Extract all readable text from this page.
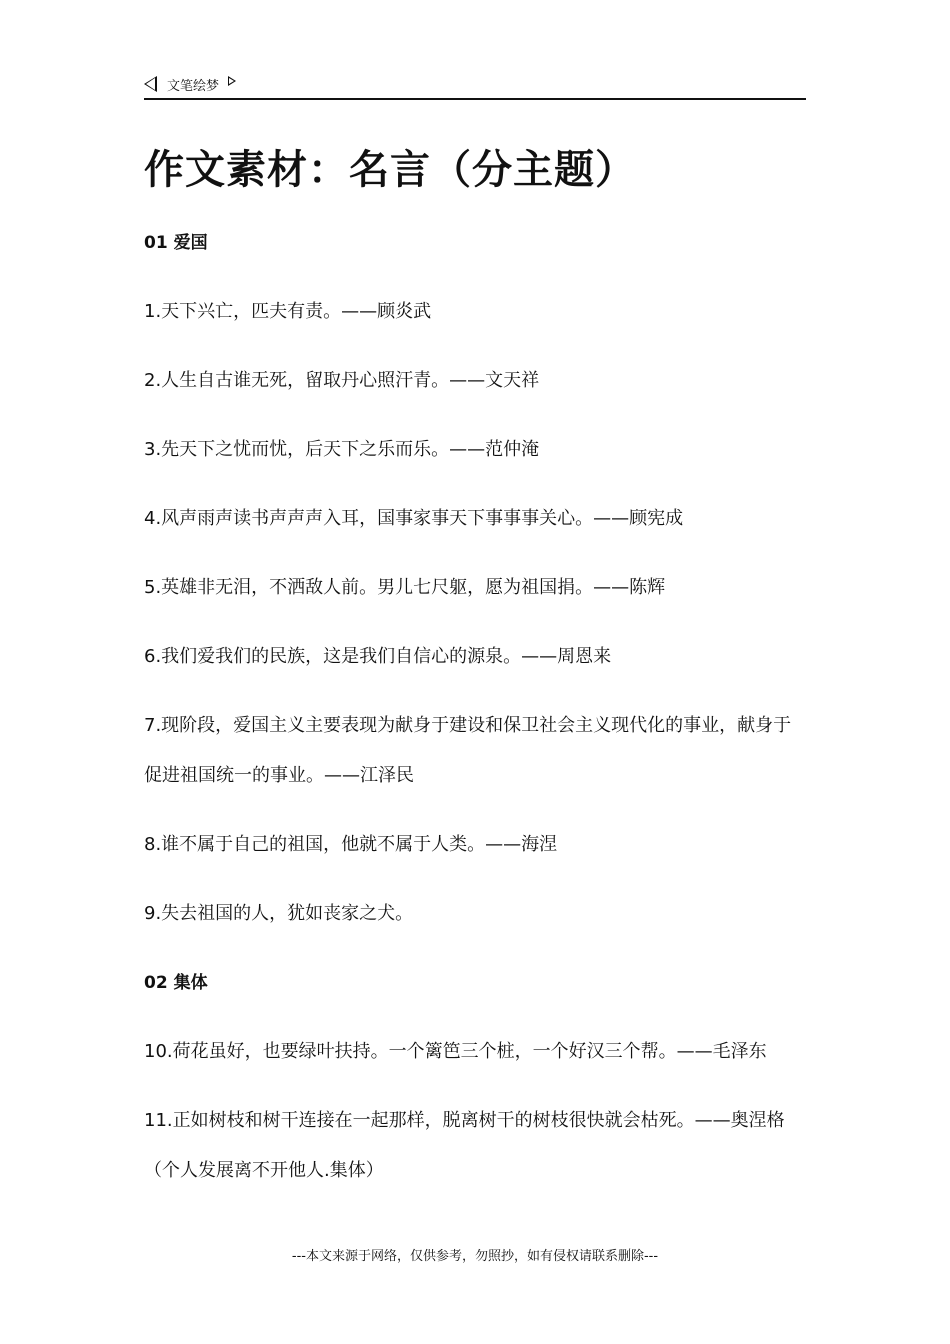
文笔绘梦
作文素材：名言（分主题）
01 爱国
1.天下兴亡，匹夫有责。——顾炎武
2.人生自古谁无死，留取丹心照汗青。——文天祥
3.先天下之忧而忧，后天下之乐而乐。——范仲淹
4.风声雨声读书声声声入耳，国事家事天下事事事关心。——顾宪成
5.英雄非无泪，不洒敌人前。男儿七尺躯，愿为祖国捐。——陈辉
6.我们爱我们的民族，这是我们自信心的源泉。——周恩来
7.现阶段，爱国主义主要表现为献身于建设和保卫社会主义现代化的事业，献身于促进祖国统一的事业。——江泽民
8.谁不属于自己的祖国，他就不属于人类。——海涅
9.失去祖国的人，犹如丧家之犬。
02 集体
10.荷花虽好，也要绿叶扶持。一个篱笆三个桩，一个好汉三个帮。——毛泽东
11.正如树枝和树干连接在一起那样，脱离树干的树枝很快就会枯死。——奥涅格（个人发展离不开他人.集体）
---本文来源于网络，仅供参考，勿照抄，如有侵权请联系删除---
